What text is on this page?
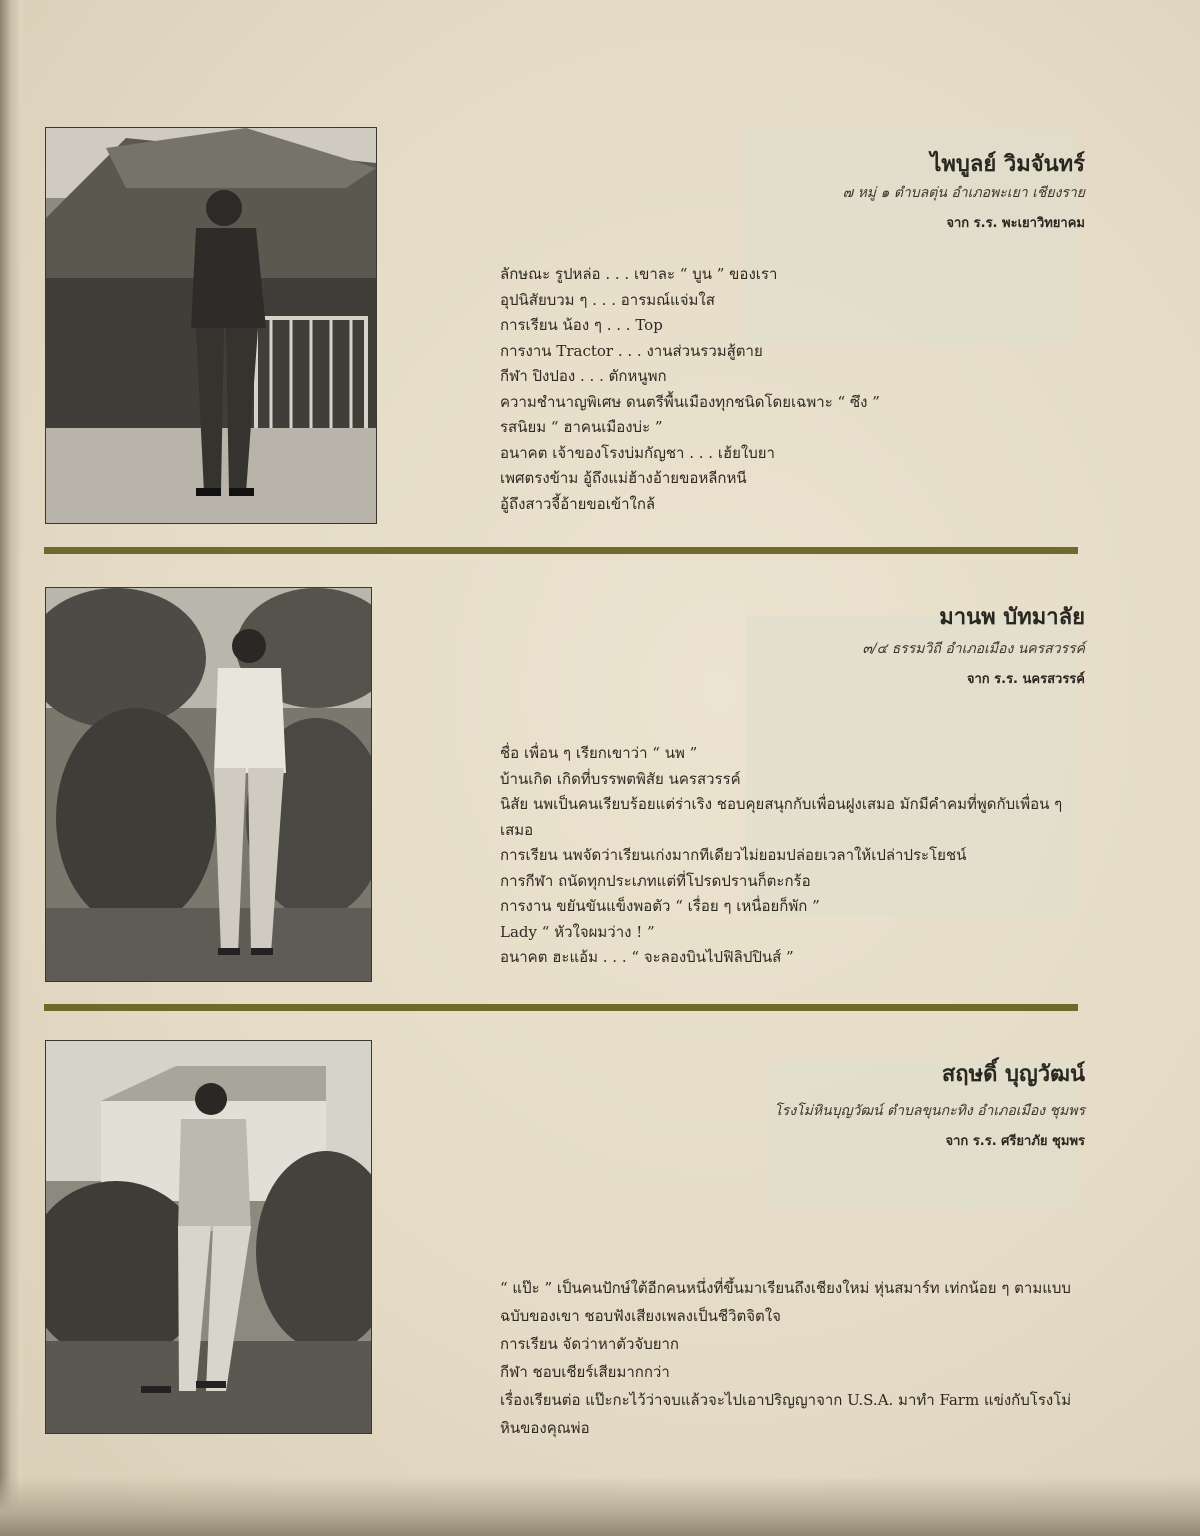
ไพบูลย์ วิมจันทร์

๗ หมู่ ๑ ตำบลตุ่น อำเภอพะเยา เชียงราย

จาก ร.ร. พะเยาวิทยาคม

ลักษณะ รูปหล่อ . . . เขาละ “ บูน ” ของเรา
อุปนิสัยบวม ๆ . . . อารมณ์แจ่มใส
การเรียน น้อง ๆ . . . Top
การงาน Tractor . . . งานส่วนรวมสู้ตาย
กีฬา ปิงปอง . . . ตักหนูพก
ความชำนาญพิเศษ ดนตรีพื้นเมืองทุกชนิดโดยเฉพาะ “ ซึง ”
รสนิยม “ ฮาคนเมืองบ่ะ ”
อนาคต เจ้าของโรงบ่มกัญชา . . . เฮ้ยใบยา
เพศตรงข้าม อู้ถึงแม่ฮ้างอ้ายขอหลีกหนี
อู้ถึงสาวจี้อ้ายขอเข้าใกล้
มานพ บัทมาลัย

๓/๔ ธรรมวิถี อำเภอเมือง นครสวรรค์

จาก ร.ร. นครสวรรค์

ชื่อ เพื่อน ๆ เรียกเขาว่า “ นพ ”
บ้านเกิด เกิดที่บรรพตพิสัย นครสวรรค์
นิสัย นพเป็นคนเรียบร้อยแต่ร่าเริง ชอบคุยสนุกกับเพื่อนฝูงเสมอ มักมีคำคมที่พูดกับเพื่อน ๆ เสมอ
การเรียน นพจัดว่าเรียนเก่งมากทีเดียวไม่ยอมปล่อยเวลาให้เปล่าประโยชน์
การกีฬา ถนัดทุกประเภทแต่ที่โปรดปรานก็ตะกร้อ
การงาน ขยันขันแข็งพอตัว “ เรื่อย ๆ เหนื่อยก็พัก ”
Lady “ หัวใจผมว่าง ! ”
อนาคต ฮะแอ้ม . . . “ จะลองบินไปฟิลิปปินส์ ”
สฤษดิ์ บุญวัฒน์

โรงโม่หินบุญวัฒน์ ตำบลขุนกะทิง อำเภอเมือง ชุมพร

จาก ร.ร. ศรียาภัย ชุมพร

“ แป๊ะ ” เป็นคนปักษ์ใต้อีกคนหนึ่งที่ขึ้นมาเรียนถึงเชียงใหม่ หุ่นสมาร์ท เท่กน้อย ๆ ตามแบบฉบับของเขา ชอบฟังเสียงเพลงเป็นชีวิตจิตใจ
การเรียน จัดว่าหาตัวจับยาก
กีฬา ชอบเชียร์เสียมากกว่า
เรื่องเรียนต่อ แป๊ะกะไว้ว่าจบแล้วจะไปเอาปริญญาจาก U.S.A. มาทำ Farm แข่งกับโรงโม่หินของคุณพ่อ
